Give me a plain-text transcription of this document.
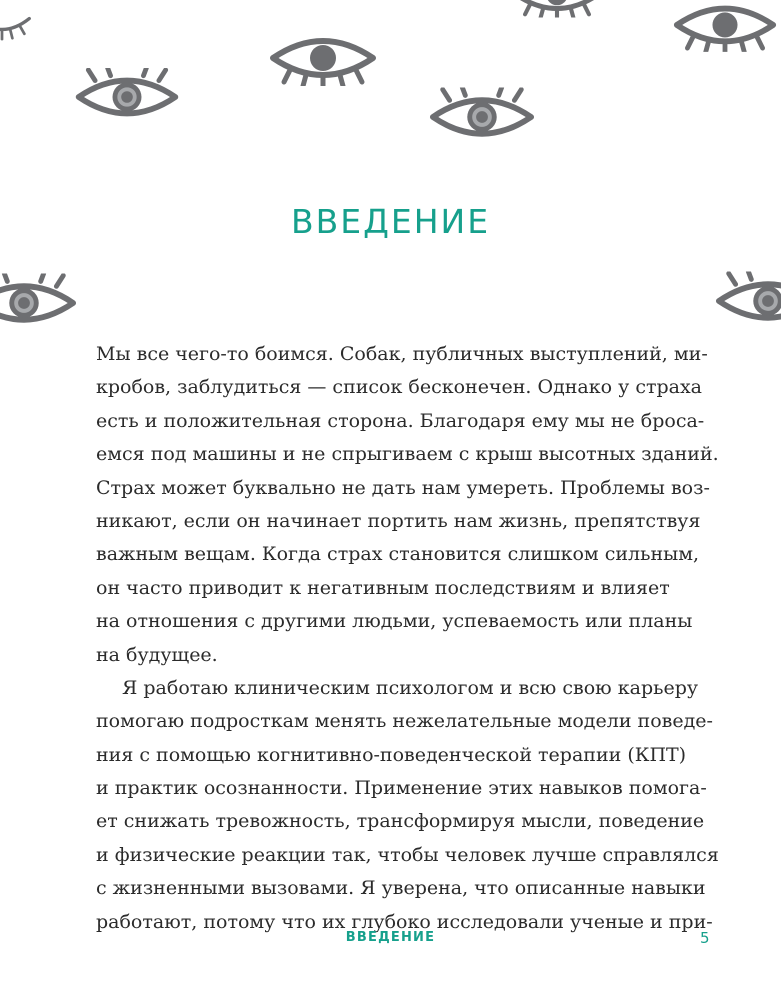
ВВЕДЕНИЕ
Мы все чего-то боимся. Собак, публичных выступлений, ми-
кробов, заблудиться — список бесконечен. Однако у страха
есть и положительная сторона. Благодаря ему мы не броса-
емся под машины и не спрыгиваем с крыш высотных зданий.
Страх может буквально не дать нам умереть. Проблемы воз-
никают, если он начинает портить нам жизнь, препятствуя
важным вещам. Когда страх становится слишком сильным,
он часто приводит к негативным последствиям и влияет
на отношения с другими людьми, успеваемость или планы
на будущее.
Я работаю клиническим психологом и всю свою карьеру
помогаю подросткам менять нежелательные модели поведе-
ния с помощью когнитивно-поведенческой терапии (КПТ)
и практик осознанности. Применение этих навыков помога-
ет снижать тревожность, трансформируя мысли, поведение
и физические реакции так, чтобы человек лучше справлялся
с жизненными вызовами. Я уверена, что описанные навыки
работают, потому что их глубоко исследовали ученые и при-

ВВЕДЕНИЕ	5
